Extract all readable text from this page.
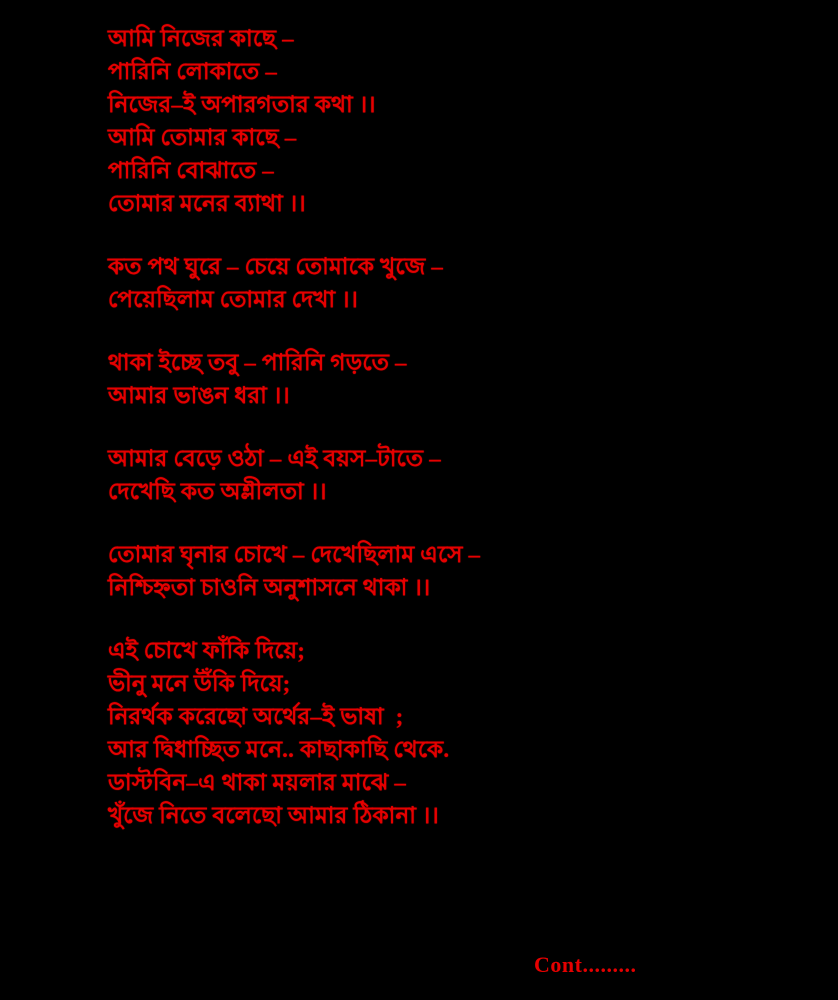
আমি নিজের কাছে –
পারিনি লোকাতে –
নিজের–ই অপারগতার কথা ।।
আমি তোমার কাছে –
পারিনি বোঝাতে –
তোমার মনের ব্যাথা ।।
কত পথ ঘুরে – চেয়ে তোমাকে খুজে –
পেয়েছিলাম তোমার দেখা ।।
থাকা ইচ্ছে তবু – পারিনি গড়তে –
আমার ভাঙন ধরা ।।
আমার বেড়ে ওঠা – এই বয়স–টাতে –
দেখেছি কত অশ্লীলতা ।।
তোমার ঘৃনার চোখে – দেখেছিলাম এসে –
নিশ্চিহ্নতা চাওনি অনুশাসনে থাকা ।।
এই চোখে ফাঁকি দিয়ে;
ভীনু মনে উঁকি দিয়ে;
নিরর্থক করেছো অর্থের–ই ভাষা  ;
আর দ্বিধাচ্ছিত মনে.. কাছাকাছি থেকে.
ডাস্টবিন–এ থাকা ময়লার মাঝে –
খুঁজে নিতে বলেছো আমার ঠিকানা ।।
Cont.........
